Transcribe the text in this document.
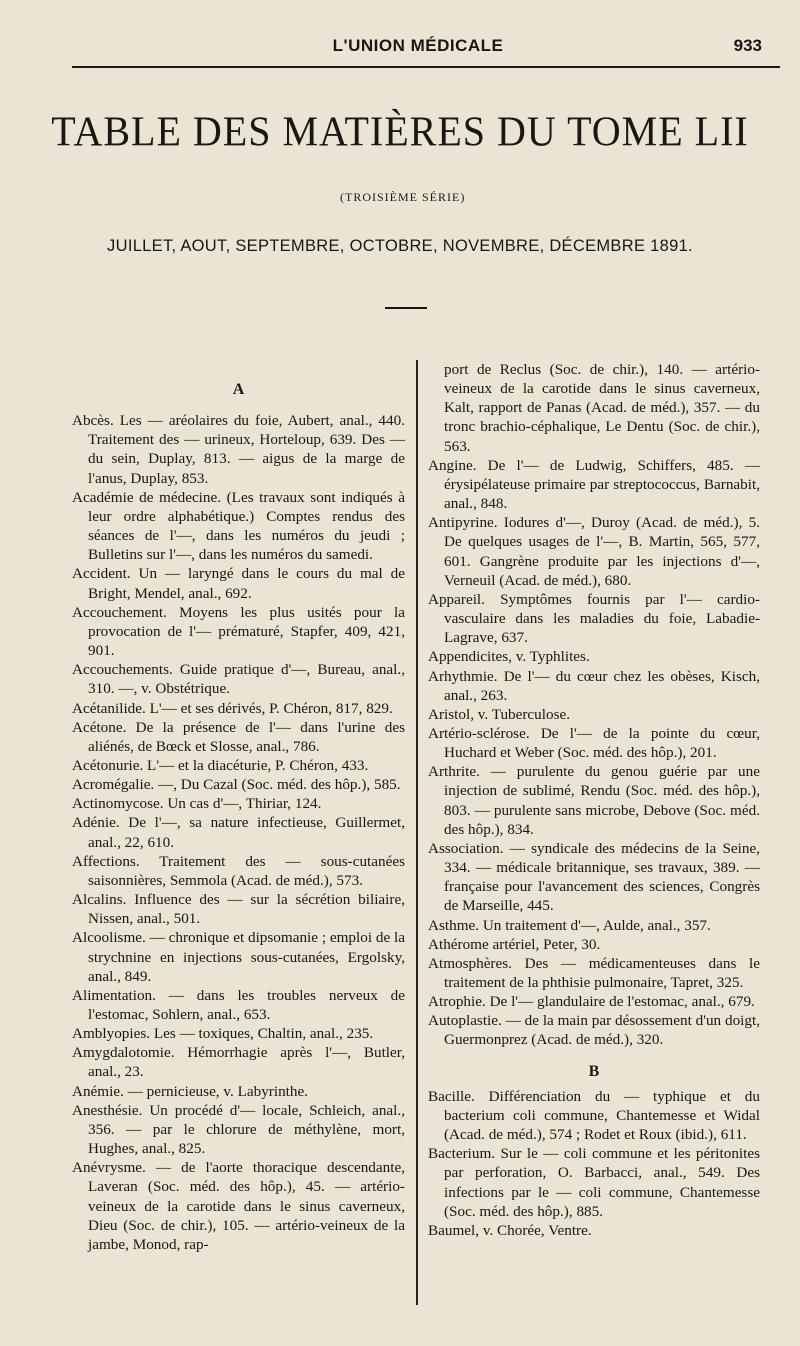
L'UNION MÉDICALE	933
TABLE DES MATIÈRES DU TOME LII
(TROISIÈME SÉRIE)
JUILLET, AOUT, SEPTEMBRE, OCTOBRE, NOVEMBRE, DÉCEMBRE 1891.
A

Abcès. Les — aréolaires du foie, Aubert, anal., 440. Traitement des — urineux, Horteloup, 639. Des — du sein, Duplay, 813. — aigus de la marge de l'anus, Duplay, 853.

Académie de médecine. (Les travaux sont indiqués à leur ordre alphabétique.) Comptes rendus des séances de l'—, dans les numéros du jeudi ; Bulletins sur l'—, dans les numéros du samedi.

Accident. Un — laryngé dans le cours du mal de Bright, Mendel, anal., 692.

Accouchement. Moyens les plus usités pour la provocation de l'— prématuré, Stapfer, 409, 421, 901.

Accouchements. Guide pratique d'—, Bureau, anal., 310. —, v. Obstétrique.

Acétanilide. L'— et ses dérivés, P. Chéron, 817, 829.

Acétone. De la présence de l'— dans l'urine des aliénés, de Bœck et Slosse, anal., 786.

Acétonurie. L'— et la diacéturie, P. Chéron, 433.

Acromégalie. —, Du Cazal (Soc. méd. des hôp.), 585.

Actinomycose. Un cas d'—, Thiriar, 124.

Adénie. De l'—, sa nature infectieuse, Guillermet, anal., 22, 610.

Affections. Traitement des — sous-cutanées saisonnières, Semmola (Acad. de méd.), 573.

Alcalins. Influence des — sur la sécrétion biliaire, Nissen, anal., 501.

Alcoolisme. — chronique et dipsomanie ; emploi de la strychnine en injections sous-cutanées, Ergolsky, anal., 849.

Alimentation. — dans les troubles nerveux de l'estomac, Sohlern, anal., 653.

Amblyopies. Les — toxiques, Chaltin, anal., 235.

Amygdalotomie. Hémorrhagie après l'—, Butler, anal., 23.

Anémie. — pernicieuse, v. Labyrinthe.

Anesthésie. Un procédé d'— locale, Schleich, anal., 356. — par le chlorure de méthylène, mort, Hughes, anal., 825.

Anévrysme. — de l'aorte thoracique descendante, Laveran (Soc. méd. des hôp.), 45. — artério-veineux de la carotide dans le sinus caverneux, Dieu (Soc. de chir.), 105. — artério-veineux de la jambe, Monod, rap-

port de Reclus (Soc. de chir.), 140. — artério-veineux de la carotide dans le sinus caverneux, Kalt, rapport de Panas (Acad. de méd.), 357. — du tronc brachio-céphalique, Le Dentu (Soc. de chir.), 563.

Angine. De l'— de Ludwig, Schiffers, 485. — érysipélateuse primaire par streptococcus, Barnabit, anal., 848.

Antipyrine. Iodures d'—, Duroy (Acad. de méd.), 5. De quelques usages de l'—, B. Martin, 565, 577, 601. Gangrène produite par les injections d'—, Verneuil (Acad. de méd.), 680.

Appareil. Symptômes fournis par l'— cardio-vasculaire dans les maladies du foie, Labadie-Lagrave, 637.

Appendicites, v. Typhlites.

Arhythmie. De l'— du cœur chez les obèses, Kisch, anal., 263.

Aristol, v. Tuberculose.

Artério-sclérose. De l'— de la pointe du cœur, Huchard et Weber (Soc. méd. des hôp.), 201.

Arthrite. — purulente du genou guérie par une injection de sublimé, Rendu (Soc. méd. des hôp.), 803. — purulente sans microbe, Debove (Soc. méd. des hôp.), 834.

Association. — syndicale des médecins de la Seine, 334. — médicale britannique, ses travaux, 389. — française pour l'avancement des sciences, Congrès de Marseille, 445.

Asthme. Un traitement d'—, Aulde, anal., 357.

Athérome artériel, Peter, 30.

Atmosphères. Des — médicamenteuses dans le traitement de la phthisie pulmonaire, Tapret, 325.

Atrophie. De l'— glandulaire de l'estomac, anal., 679.

Autoplastie. — de la main par désossement d'un doigt, Guermonprez (Acad. de méd.), 320.

B

Bacille. Différenciation du — typhique et du bacterium coli commune, Chantemesse et Widal (Acad. de méd.), 574 ; Rodet et Roux (ibid.), 611.

Bacterium. Sur le — coli commune et les péritonites par perforation, O. Barbacci, anal., 549. Des infections par le — coli commune, Chantemesse (Soc. méd. des hôp.), 885.

Baumel, v. Chorée, Ventre.
